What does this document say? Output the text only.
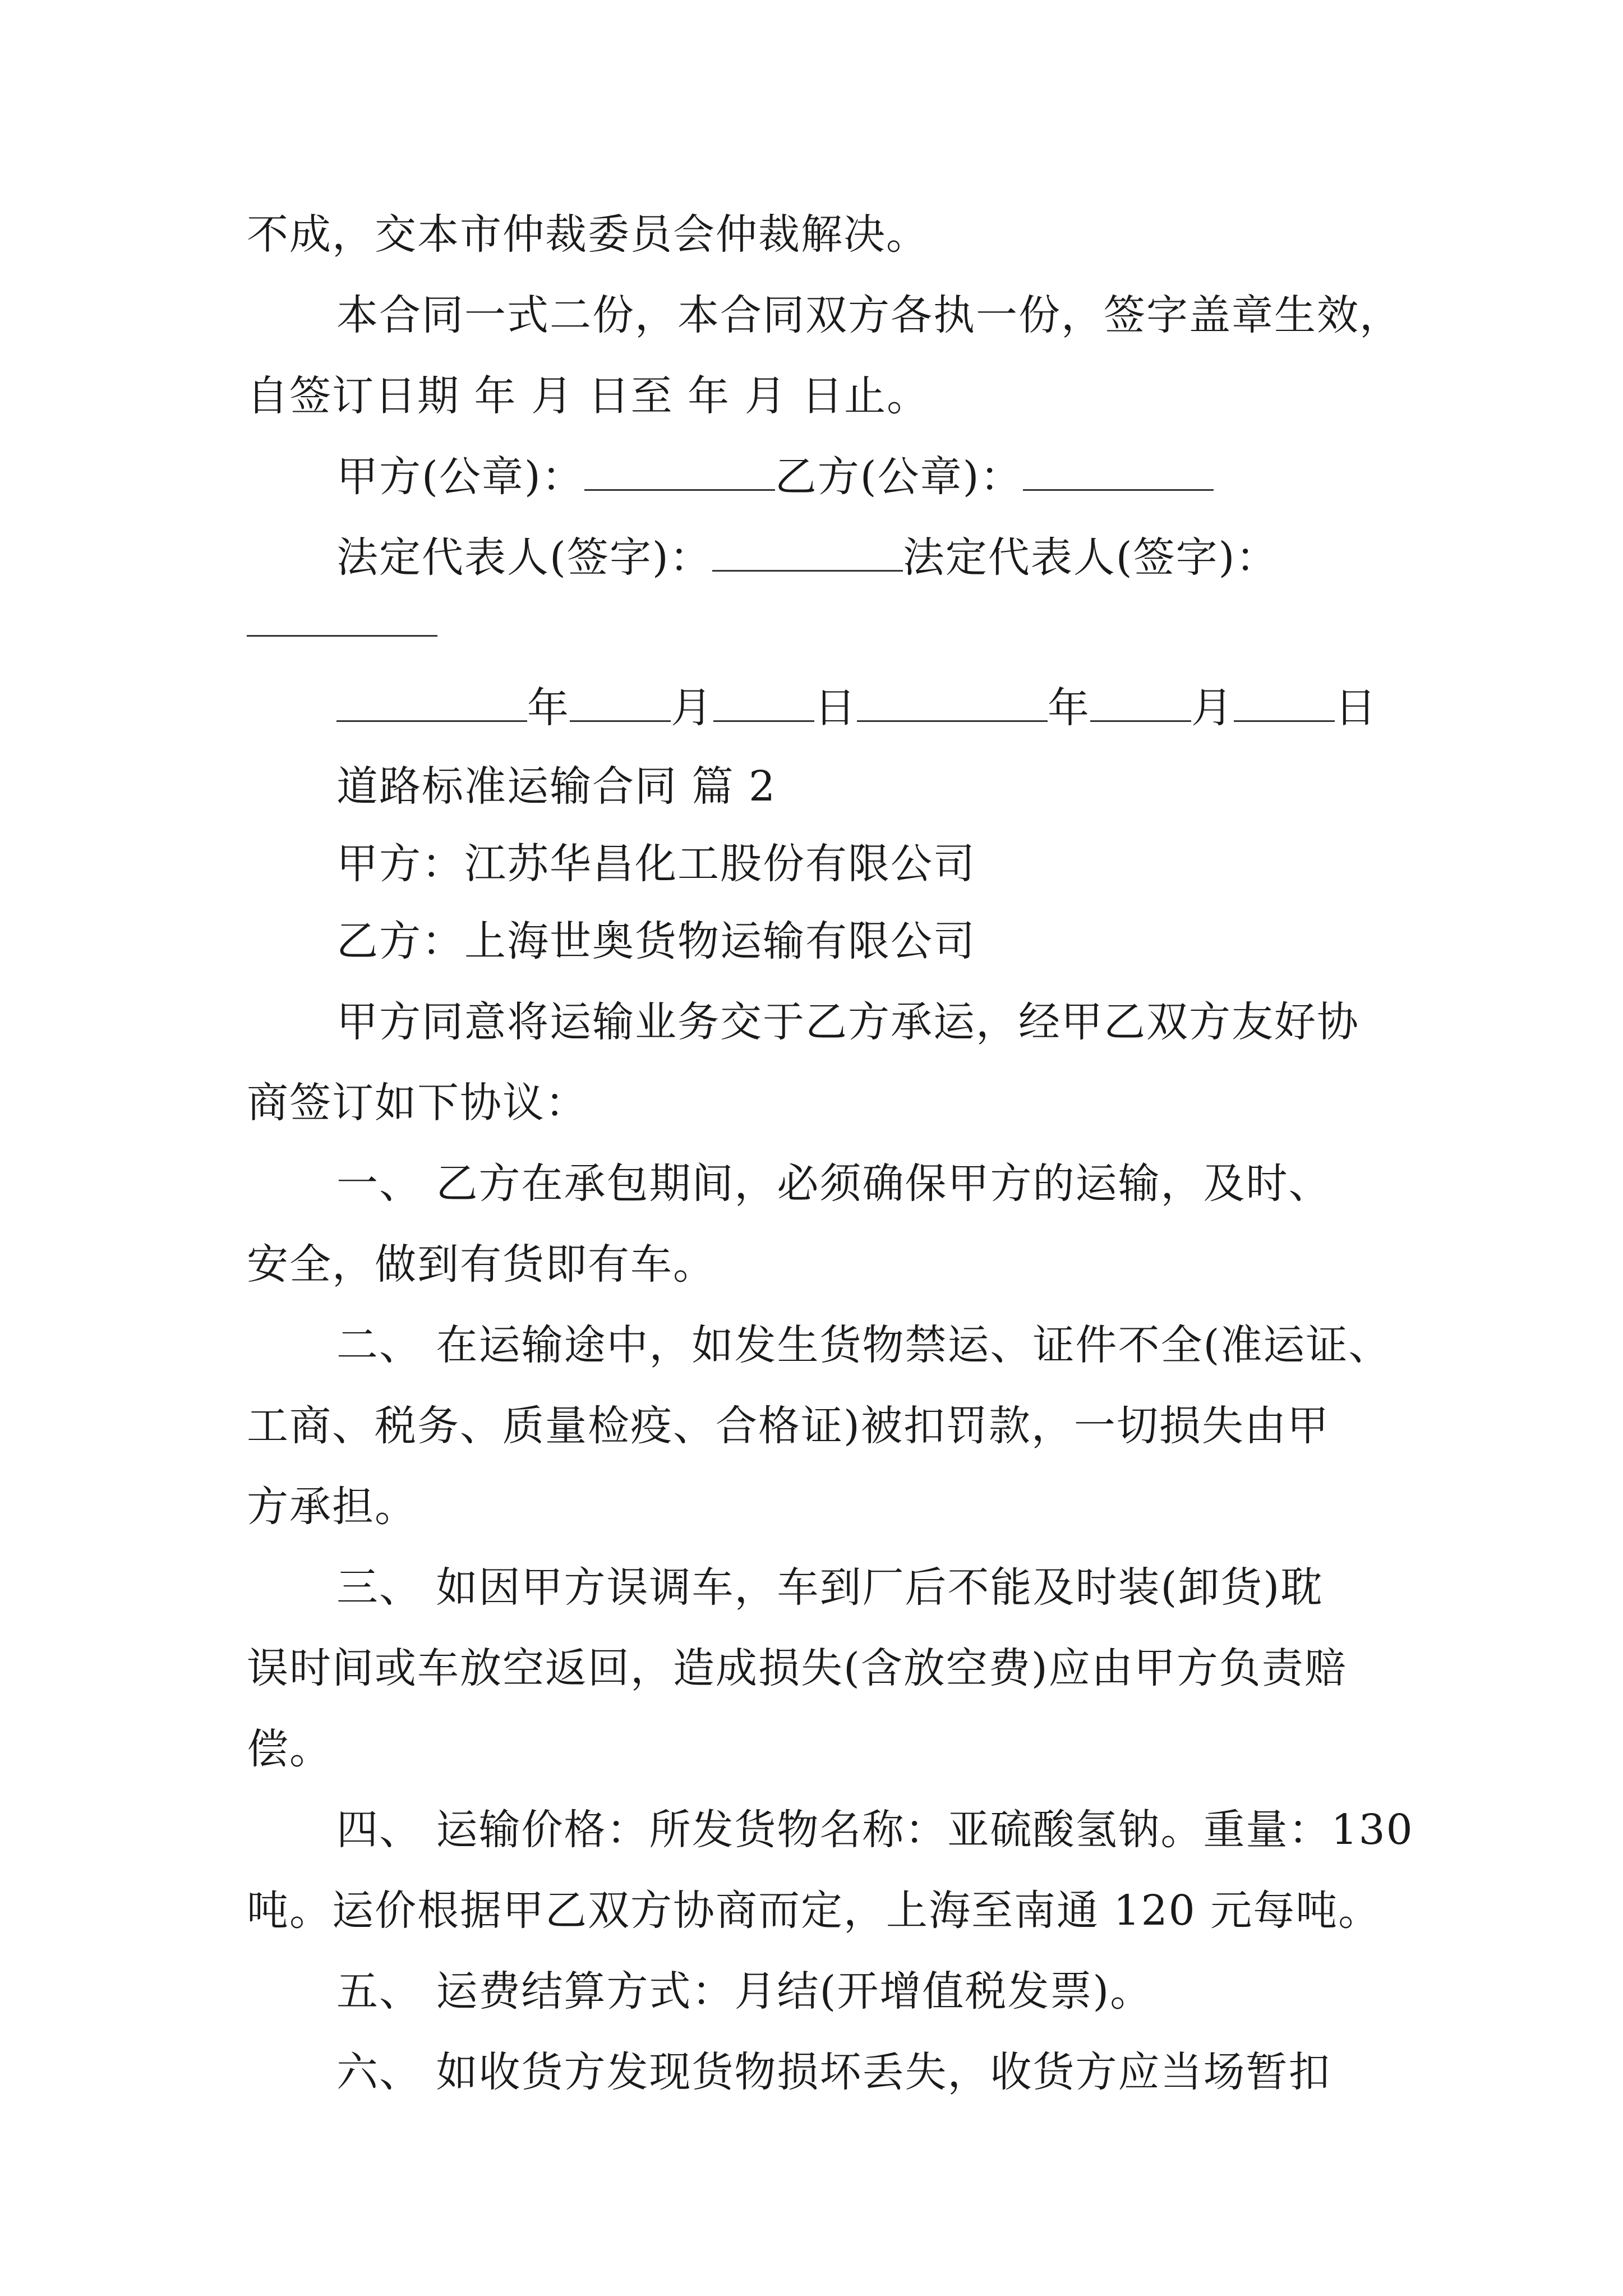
不成，交本市仲裁委员会仲裁解决。
本合同一式二份，本合同双方各执一份，签字盖章生效，
自签订日期 年 月 日至 年 月 日止。
甲方(公章)：	乙方(公章)：
法定代表人(签字)：	法定代表人(签字)：
年 月 日	年 月 日
道路标准运输合同 篇 2
甲方：江苏华昌化工股份有限公司
乙方：上海世奥货物运输有限公司
甲方同意将运输业务交于乙方承运，经甲乙双方友好协
商签订如下协议：
一、 乙方在承包期间，必须确保甲方的运输，及时、
安全，做到有货即有车。
二、 在运输途中，如发生货物禁运、证件不全(准运证、
工商、税务、质量检疫、合格证)被扣罚款，一切损失由甲
方承担。
三、 如因甲方误调车，车到厂后不能及时装(卸货)耽
误时间或车放空返回，造成损失(含放空费)应由甲方负责赔
偿。
四、 运输价格：所发货物名称：亚硫酸氢钠。重量：130
吨。运价根据甲乙双方协商而定，上海至南通 120 元每吨。
五、 运费结算方式：月结(开增值税发票)。
六、 如收货方发现货物损坏丢失，收货方应当场暂扣
